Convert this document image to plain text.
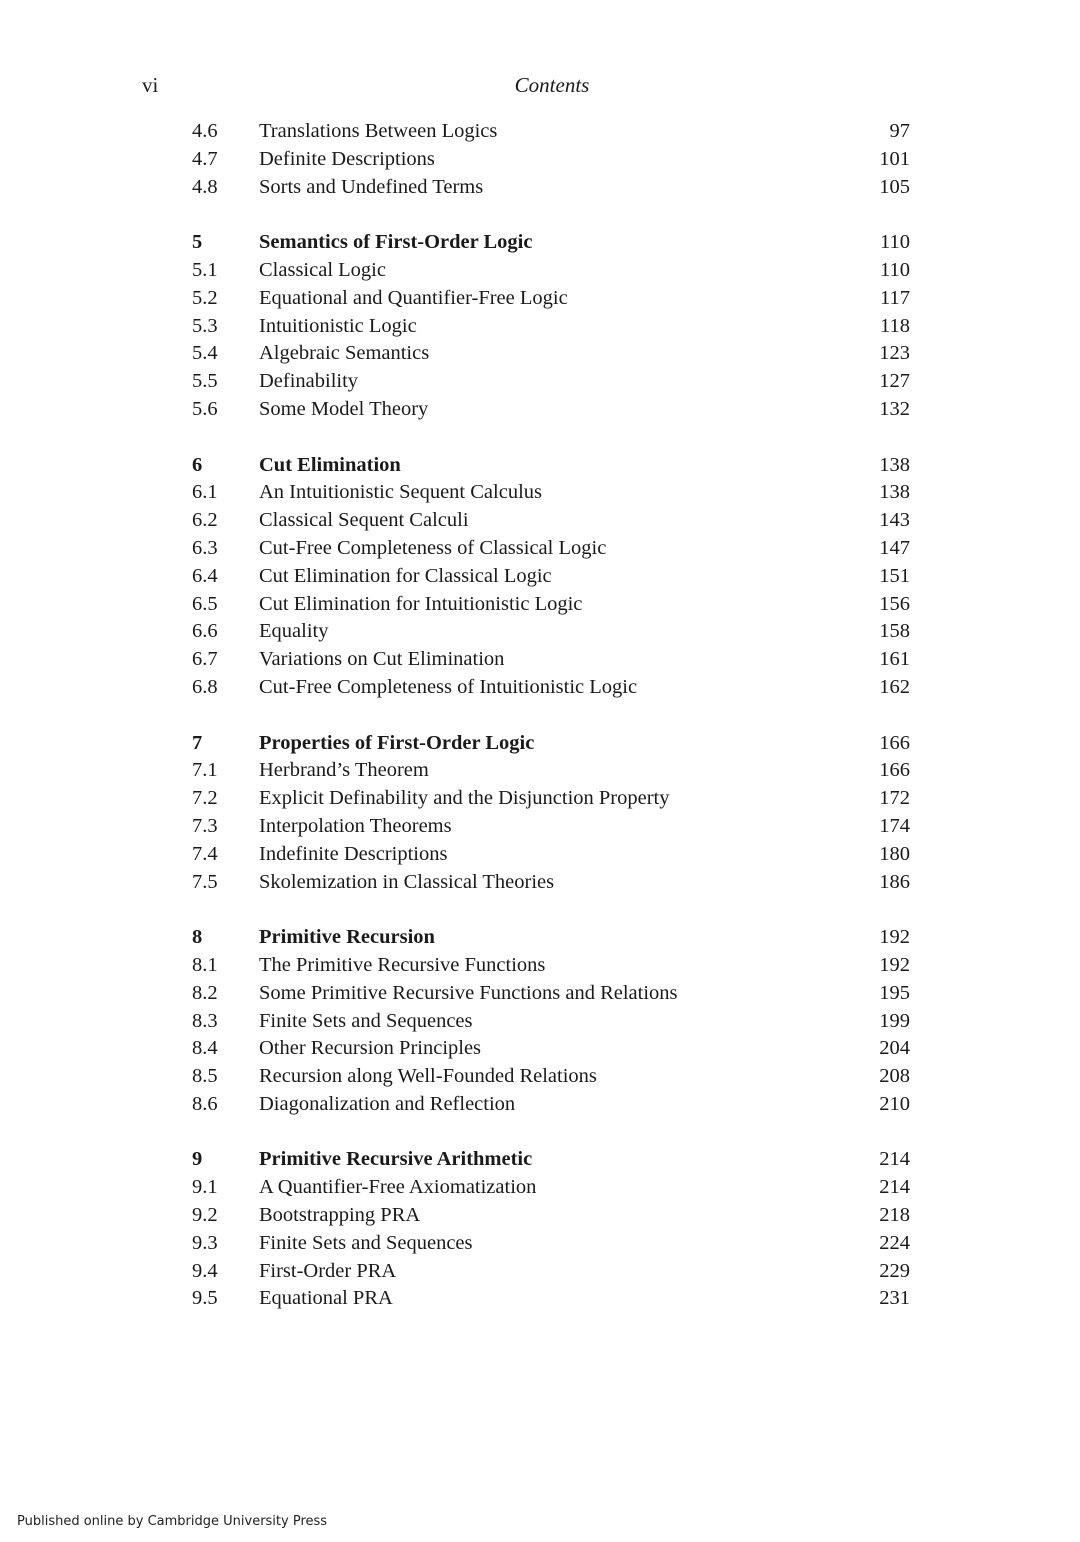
vi	Contents
4.6 Translations Between Logics	97
4.7 Definite Descriptions	101
4.8 Sorts and Undefined Terms	105
5	Semantics of First-Order Logic	110
5.1 Classical Logic	110
5.2 Equational and Quantifier-Free Logic	117
5.3 Intuitionistic Logic	118
5.4 Algebraic Semantics	123
5.5 Definability	127
5.6 Some Model Theory	132
6	Cut Elimination	138
6.1 An Intuitionistic Sequent Calculus	138
6.2 Classical Sequent Calculi	143
6.3 Cut-Free Completeness of Classical Logic	147
6.4 Cut Elimination for Classical Logic	151
6.5 Cut Elimination for Intuitionistic Logic	156
6.6 Equality	158
6.7 Variations on Cut Elimination	161
6.8 Cut-Free Completeness of Intuitionistic Logic	162
7	Properties of First-Order Logic	166
7.1 Herbrand’s Theorem	166
7.2 Explicit Definability and the Disjunction Property	172
7.3 Interpolation Theorems	174
7.4 Indefinite Descriptions	180
7.5 Skolemization in Classical Theories	186
8	Primitive Recursion	192
8.1 The Primitive Recursive Functions	192
8.2 Some Primitive Recursive Functions and Relations	195
8.3 Finite Sets and Sequences	199
8.4 Other Recursion Principles	204
8.5 Recursion along Well-Founded Relations	208
8.6 Diagonalization and Reflection	210
9	Primitive Recursive Arithmetic	214
9.1 A Quantifier-Free Axiomatization	214
9.2 Bootstrapping PRA	218
9.3 Finite Sets and Sequences	224
9.4 First-Order PRA	229
9.5 Equational PRA	231
Published online by Cambridge University Press
